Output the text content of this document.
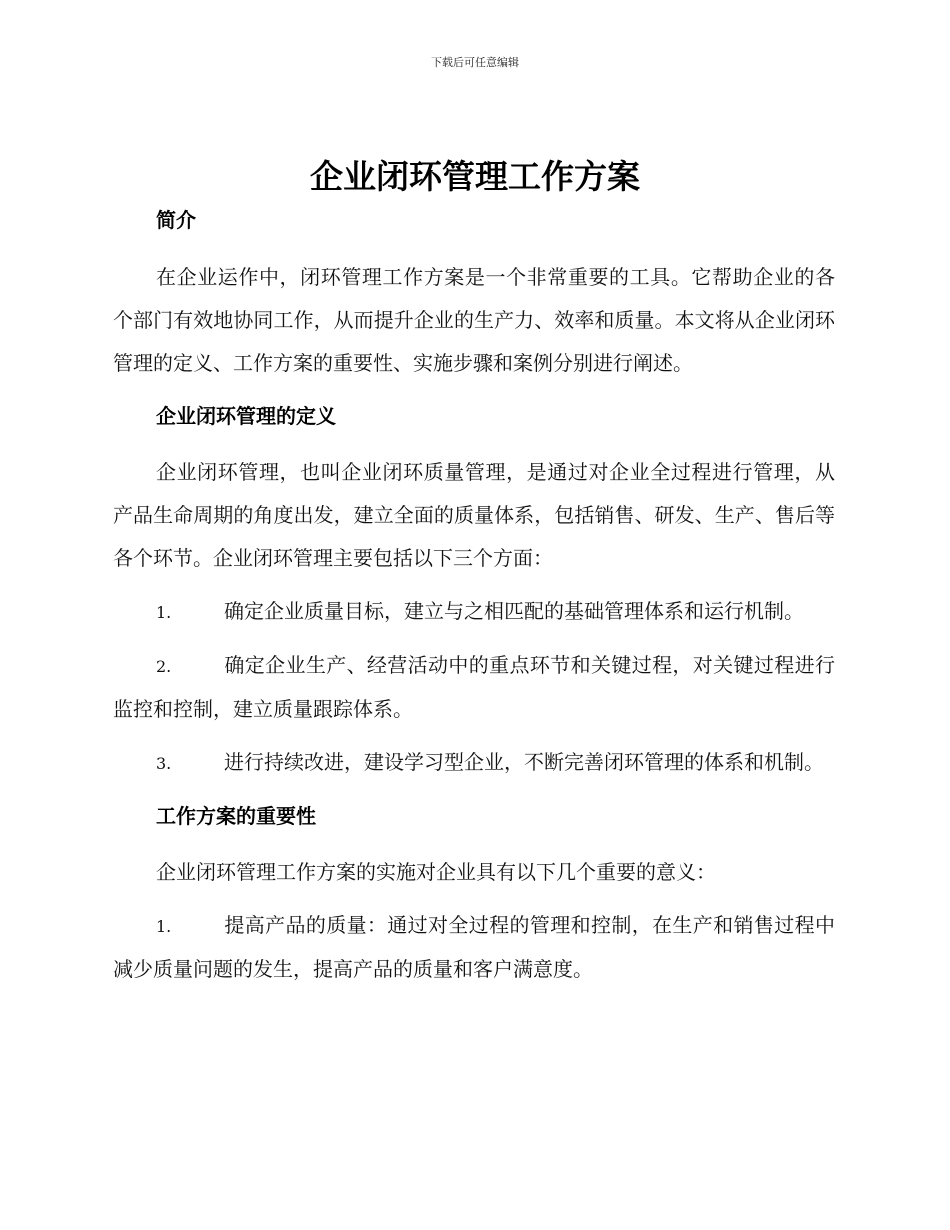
下载后可任意编辑
企业闭环管理工作方案
简介
在企业运作中，闭环管理工作方案是一个非常重要的工具。它帮助企业的各个部门有效地协同工作，从而提升企业的生产力、效率和质量。本文将从企业闭环管理的定义、工作方案的重要性、实施步骤和案例分别进行阐述。
企业闭环管理的定义
企业闭环管理，也叫企业闭环质量管理，是通过对企业全过程进行管理，从产品生命周期的角度出发，建立全面的质量体系，包括销售、研发、生产、售后等各个环节。企业闭环管理主要包括以下三个方面：
1.	确定企业质量目标，建立与之相匹配的基础管理体系和运行机制。
2.	确定企业生产、经营活动中的重点环节和关键过程，对关键过程进行监控和控制，建立质量跟踪体系。
3.	进行持续改进，建设学习型企业，不断完善闭环管理的体系和机制。
工作方案的重要性
企业闭环管理工作方案的实施对企业具有以下几个重要的意义：
1.	提高产品的质量：通过对全过程的管理和控制，在生产和销售过程中减少质量问题的发生，提高产品的质量和客户满意度。
